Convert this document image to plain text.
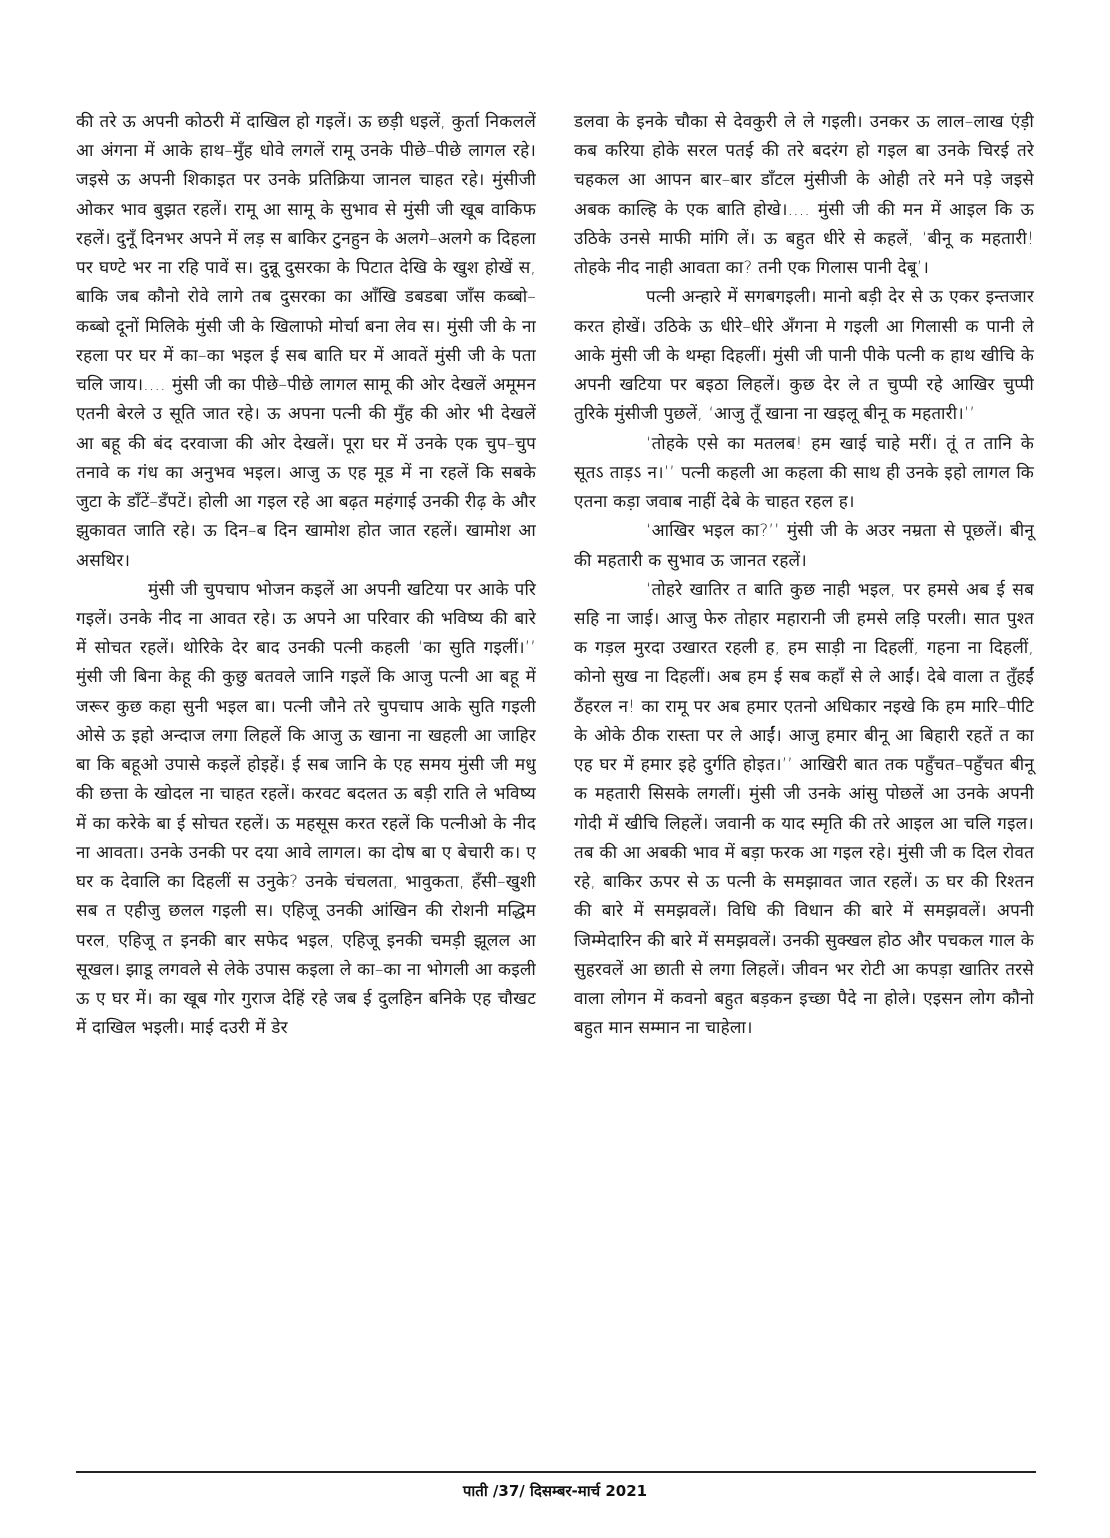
की तरे ऊ अपनी कोठरी में दाखिल हो गइलें। ऊ छड़ी धइलें, कुर्ता निकललें आ अंगना में आके हाथ–मुँह धोवे लगलें रामू उनके पीछे–पीछे लागल रहे। जइसे ऊ अपनी शिकाइत पर उनके प्रतिक्रिया जानल चाहत रहे। मुंसीजी ओकर भाव बुझत रहलें। रामू आ सामू के सुभाव से मुंसी जी खूब वाकिफ रहलें। दुनूँ दिनभर अपने में लड़ स बाकिर टुनहुन के अलगे–अलगे क दिहला पर घण्टे भर ना रहि पावें स। दुन्नू दुसरका के पिटात देखि के खुश होखें स, बाकि जब कौनो रोवे लागे तब दुसरका का आँखि डबडबा जाँस कब्बो–कब्बो दूनों मिलिके मुंसी जी के खिलाफो मोर्चा बना लेव स। मुंसी जी के ना रहला पर घर में का–का भइल ई सब बाति घर में आवतें मुंसी जी के पता चलि जाय।.... मुंसी जी का पीछे–पीछे लागल सामू की ओर देखलें अमूमन एतनी बेरले उ सूति जात रहे। ऊ अपना पत्नी की मुँह की ओर भी देखलें आ बहू की बंद दरवाजा की ओर देखलें। पूरा घर में उनके एक चुप–चुप तनावे क गंध का अनुभव भइल। आजु ऊ एह मूड में ना रहलें कि सबके जुटा के डाँटें–डँपटें। होली आ गइल रहे आ बढ़त महंगाई उनकी रीढ़ के और झुकावत जाति रहे। ऊ दिन–ब दिन खामोश होत जात रहलें। खामोश आ असथिर।

मुंसी जी चुपचाप भोजन कइलें आ अपनी खटिया पर आके परि गइलें। उनके नीद ना आवत रहे। ऊ अपने आ परिवार की भविष्य की बारे में सोचत रहलें। थोरिके देर बाद उनकी पत्नी कहली ‘का सुति गइलीं।’’ मुंसी जी बिना केहू की कुछु बतवले जानि गइलें कि आजु पत्नी आ बहू में जरूर कुछ कहा सुनी भइल बा। पत्नी जौने तरे चुपचाप आके सुति गइली ओसे ऊ इहो अन्दाज लगा लिहलें कि आजु ऊ खाना ना खहली आ जाहिर बा कि बहूओ उपासे कइलें होइहें। ई सब जानि के एह समय मुंसी जी मधु की छत्ता के खोदल ना चाहत रहलें। करवट बदलत ऊ बड़ी राति ले भविष्य में का करेके बा ई सोचत रहलें। ऊ महसूस करत रहलें कि पत्नीओ के नीद ना आवता। उनके उनकी पर दया आवे लागल। का दोष बा ए बेचारी क। ए घर क देवालि का दिहलीं स उनुके? उनके चंचलता, भावुकता, हँसी–खुशी सब त एहीजु छलल गइली स। एहिजू उनकी आंखिन की रोशनी मद्धिम परल, एहिजू त इनकी बार सफेद भइल, एहिजू इनकी चमड़ी झूलल आ सूखल। झाडू लगवले से लेके उपास कइला ले का–का ना भोगली आ कइली ऊ ए घर में। का खूब गोर गुराज देहिं रहे जब ई दुलहिन बनिके एह चौखट में दाखिल भइली। माई दउरी में डेर

डलवा के इनके चौका से देवकुरी ले ले गइली। उनकर ऊ लाल–लाख एंड़ी कब करिया होके सरल पतई की तरे बदरंग हो गइल बा उनके चिरई तरे चहकल आ आपन बार–बार डाँटल मुंसीजी के ओही तरे मने पड़े जइसे अबक काल्हि के एक बाति होखे।.... मुंसी जी की मन में आइल कि ऊ उठिके उनसे माफी मांगि लें। ऊ बहुत धीरे से कहलें, ‘बीनू क महतारी! तोहके नीद नाही आवता का? तनी एक गिलास पानी देबू’।

पत्नी अन्हारे में सगबगइली। मानो बड़ी देर से ऊ एकर इन्तजार करत होखें। उठिके ऊ धीरे–धीरे अँगना मे गइली आ गिलासी क पानी ले आके मुंसी जी के थम्हा दिहलीं। मुंसी जी पानी पीके पत्नी क हाथ खीचि के अपनी खटिया पर बइठा लिहलें। कुछ देर ले त चुप्पी रहे आखिर चुप्पी तुरिके मुंसीजी पुछलें, ‘आजु तूँ खाना ना खइलू बीनू क महतारी।’’

‘तोहके एसे का मतलब! हम खाई चाहे मरीं। तूं त तानि के सूतऽ ताड़ऽ न।’’ पत्नी कहली आ कहला की साथ ही उनके इहो लागल कि एतना कड़ा जवाब नाहीं देबे के चाहत रहल ह।

‘आखिर भइल का?’’ मुंसी जी के अउर नम्रता से पूछलें। बीनू की महतारी क सुभाव ऊ जानत रहलें।

‘तोहरे खातिर त बाति कुछ नाही भइल, पर हमसे अब ई सब सहि ना जाई। आजु फेरु तोहार महारानी जी हमसे लड़ि परली। सात पुश्त क गड़ल मुरदा उखारत रहली ह, हम साड़ी ना दिहलीं, गहना ना दिहलीं, कोनो सुख ना दिहलीं। अब हम ई सब कहाँ से ले आईं। देबे वाला त तुँहईं ठँहरल न! का रामू पर अब हमार एतनो अधिकार नइखे कि हम मारि–पीटि के ओके ठीक रास्ता पर ले आईं। आजु हमार बीनू आ बिहारी रहतें त का एह घर में हमार इहे दुर्गति होइत।’’ आखिरी बात तक पहुँचत–पहुँचत बीनू क महतारी सिसके लगलीं। मुंसी जी उनके आंसु पोछलें आ उनके अपनी गोदी में खीचि लिहलें। जवानी क याद स्मृति की तरे आइल आ चलि गइल। तब की आ अबकी भाव में बड़ा फरक आ गइल रहे। मुंसी जी क दिल रोवत रहे, बाकिर ऊपर से ऊ पत्नी के समझावत जात रहलें। ऊ घर की रिश्तन की बारे में समझवलें। विधि की विधान की बारे में समझवलें। अपनी जिम्मेदारिन की बारे में समझवलें। उनकी सुक्खल होठ और पचकल गाल के सुहरवलें आ छाती से लगा लिहलें। जीवन भर रोटी आ कपड़ा खातिर तरसे वाला लोगन में कवनो बहुत बड़कन इच्छा पैदे ना होले। एइसन लोग कौनो बहुत मान सम्मान ना चाहेला।

पाती /37/ दिसम्बर-मार्च 2021
